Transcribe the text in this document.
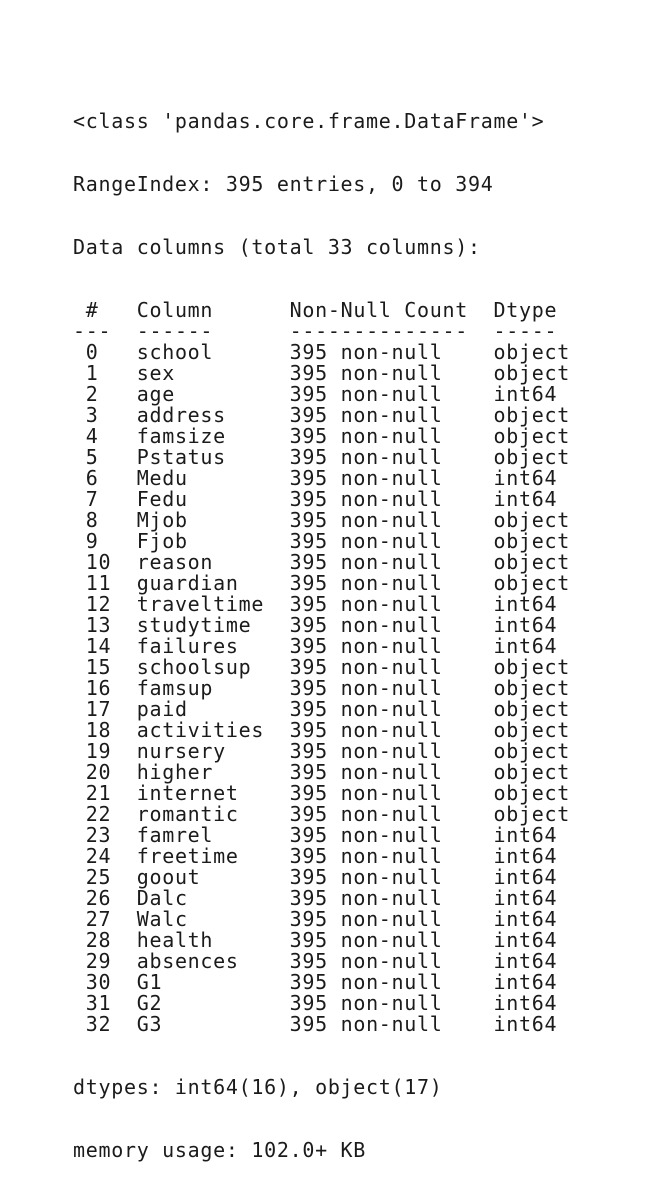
<class 'pandas.core.frame.DataFrame'>

RangeIndex: 395 entries, 0 to 394

Data columns (total 33 columns):

#   Column      Non-Null Count  Dtype
---  ------      --------------  -----
0   school      395 non-null    object
1   sex         395 non-null    object
2   age         395 non-null    int64
3   address     395 non-null    object
4   famsize     395 non-null    object
5   Pstatus     395 non-null    object
6   Medu        395 non-null    int64
7   Fedu        395 non-null    int64
8   Mjob        395 non-null    object
9   Fjob        395 non-null    object
10  reason      395 non-null    object
11  guardian    395 non-null    object
12  traveltime  395 non-null    int64
13  studytime   395 non-null    int64
14  failures    395 non-null    int64
15  schoolsup   395 non-null    object
16  famsup      395 non-null    object
17  paid        395 non-null    object
18  activities  395 non-null    object
19  nursery     395 non-null    object
20  higher      395 non-null    object
21  internet    395 non-null    object
22  romantic    395 non-null    object
23  famrel      395 non-null    int64
24  freetime    395 non-null    int64
25  goout       395 non-null    int64
26  Dalc        395 non-null    int64
27  Walc        395 non-null    int64
28  health      395 non-null    int64
29  absences    395 non-null    int64
30  G1          395 non-null    int64
31  G2          395 non-null    int64
32  G3          395 non-null    int64

dtypes: int64(16), object(17)

memory usage: 102.0+ KB
